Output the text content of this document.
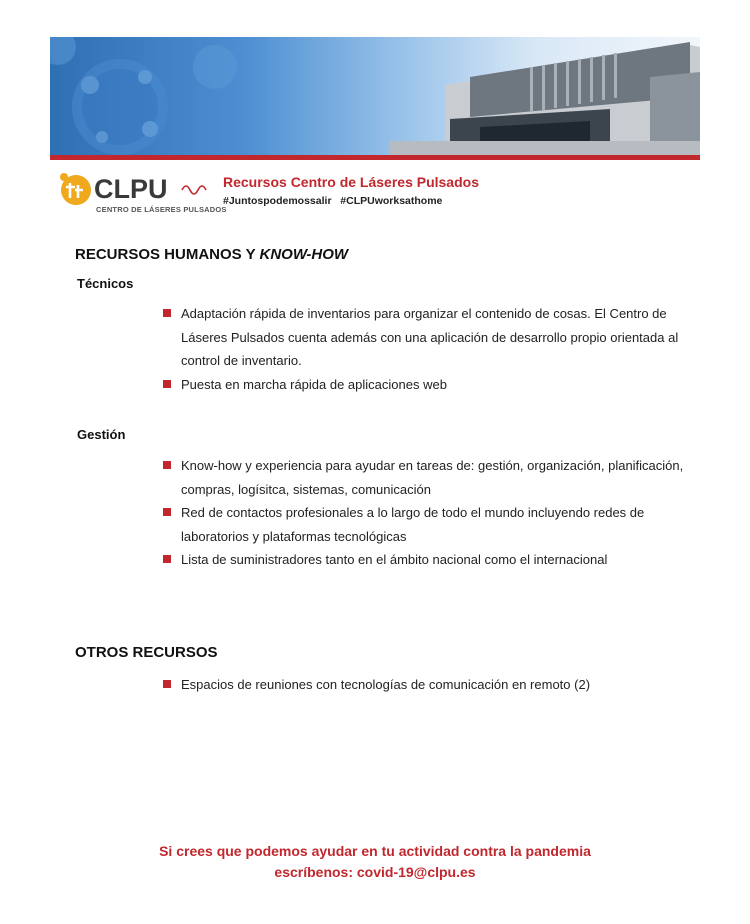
CLPU
CENTRO DE LÁSERES PULSADOS
Recursos Centro de Láseres Pulsados
#Juntospodemossalir   #CLPUworksathome
RECURSOS HUMANOS Y KNOW-HOW
Técnicos
Adaptación rápida de inventarios para organizar el contenido de cosas. El Centro de Láseres Pulsados cuenta además con una aplicación de desarrollo propio orientada al control de inventario.
Puesta en marcha rápida de aplicaciones web
Gestión
Know-how y experiencia para ayudar en tareas de: gestión, organización, planificación, compras, logísitca, sistemas, comunicación
Red de contactos profesionales a lo largo de todo el mundo incluyendo redes de laboratorios y plataformas tecnológicas
Lista de suministradores tanto en el ámbito nacional como el internacional
OTROS RECURSOS
Espacios de reuniones con tecnologías de comunicación en remoto (2)
Si crees que podemos ayudar en tu actividad contra la pandemia
escríbenos: covid-19@clpu.es
